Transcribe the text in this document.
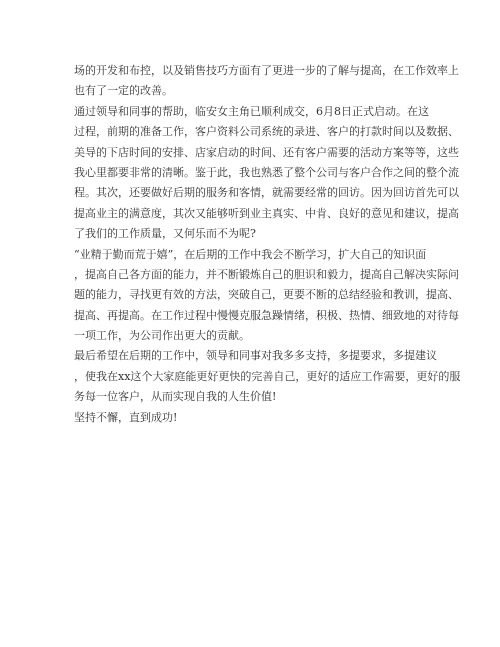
场的开发和布控，以及销售技巧方面有了更进一步的了解与提高，在工作效率上
也有了一定的改善。
通过领导和同事的帮助，临安女主角已顺利成交，6月8日正式启动。在这
过程，前期的准备工作，客户资料公司系统的录进、客户的打款时间以及数据、
美导的下店时间的安排、店家启动的时间、还有客户需要的活动方案等等，这些
我心里都要非常的清晰。鉴于此，我也熟悉了整个公司与客户合作之间的整个流
程。其次，还要做好后期的服务和客情，就需要经常的回访。因为回访首先可以
提高业主的满意度，其次又能够听到业主真实、中肯、良好的意见和建议，提高
了我们的工作质量，又何乐而不为呢?
“业精于勤而荒于嬉”，在后期的工作中我会不断学习，扩大自己的知识面
，提高自己各方面的能力，并不断锻炼自己的胆识和毅力，提高自己解决实际问
题的能力，寻找更有效的方法，突破自己，更要不断的总结经验和教训，提高、
提高、再提高。在工作过程中慢慢克服急躁情绪，积极、热情、细致地的对待每
一项工作，为公司作出更大的贡献。
最后希望在后期的工作中，领导和同事对我多多支持，多提要求，多提建议
，使我在xx这个大家庭能更好更快的完善自己，更好的适应工作需要，更好的服
务每一位客户，从而实现自我的人生价值!
坚持不懈，直到成功!
